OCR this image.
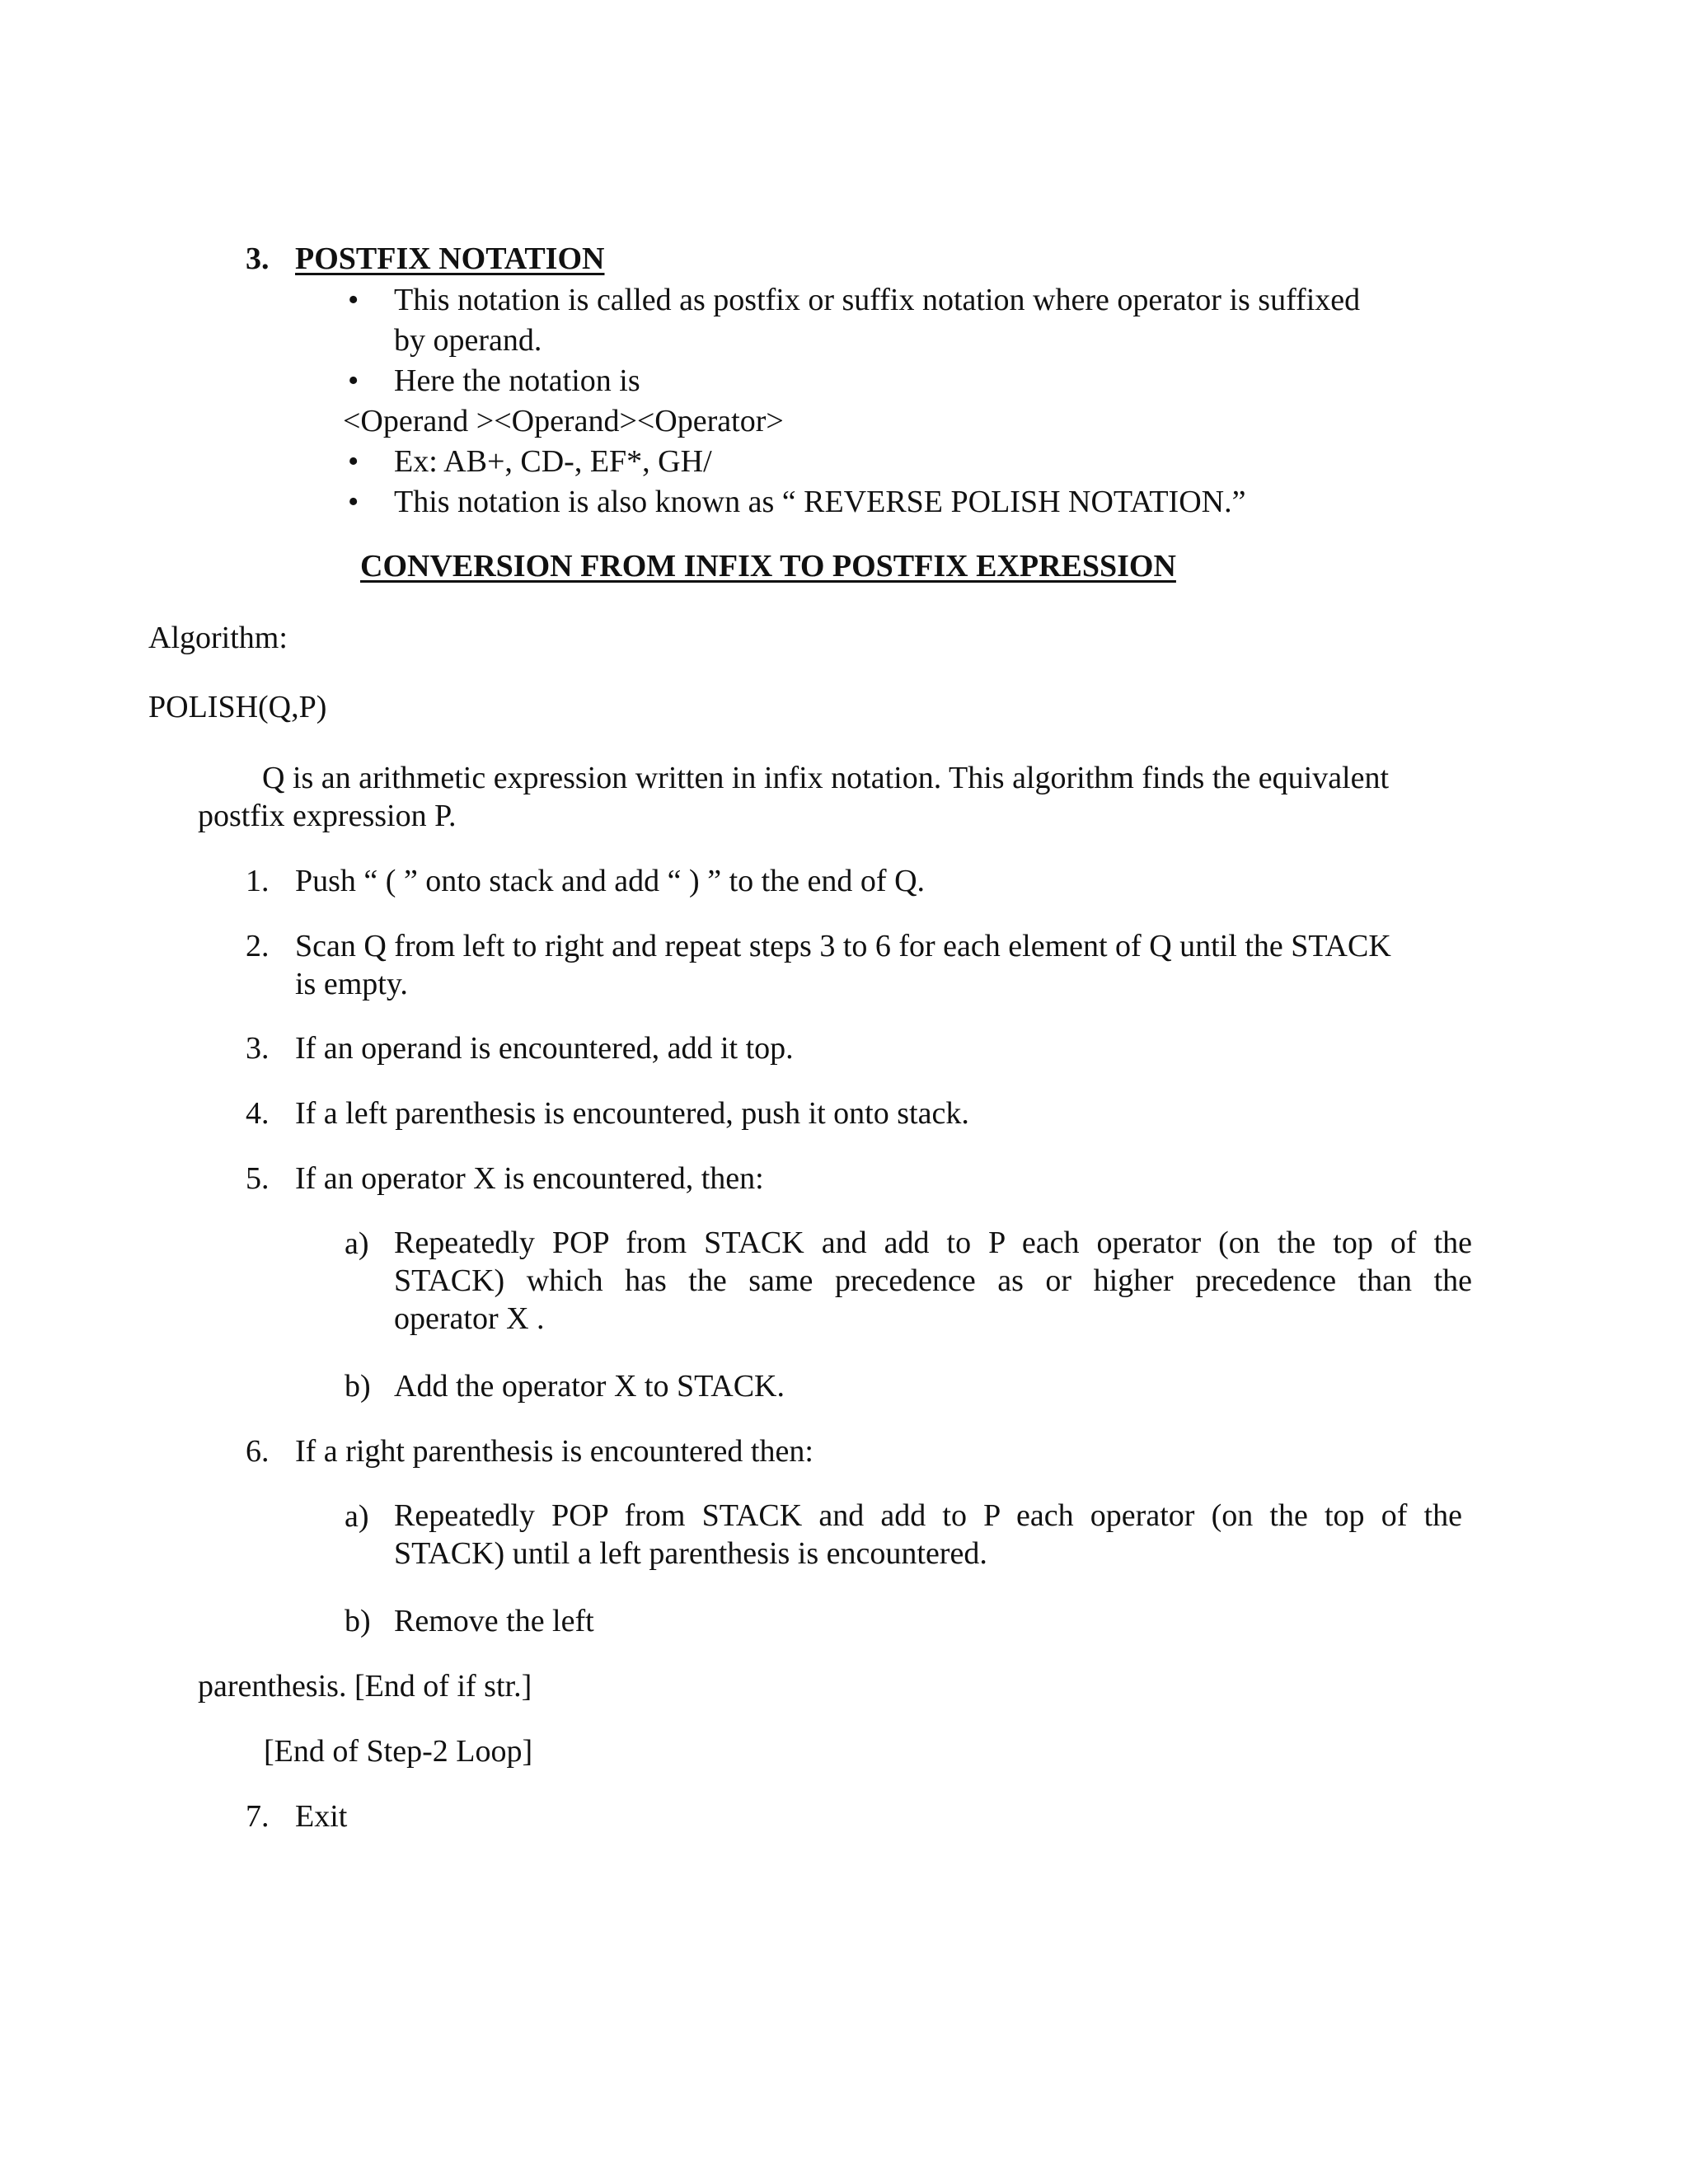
3. POSTFIX NOTATION
• This notation is called as postfix or suffix notation where operator is suffixed
by operand.
• Here the notation is
<Operand ><Operand><Operator>
• Ex: AB+, CD-, EF*, GH/
• This notation is also known as “ REVERSE POLISH NOTATION.”
CONVERSION FROM INFIX TO POSTFIX EXPRESSION
Algorithm:
POLISH(Q,P)
Q is an arithmetic expression written in infix notation. This algorithm finds the equivalent
postfix expression P.
1. Push “ ( ” onto stack and add “ ) ” to the end of Q.
2. Scan Q from left to right and repeat steps 3 to 6 for each element of Q until the STACK
is empty.
3. If an operand is encountered, add it top.
4. If a left parenthesis is encountered, push it onto stack.
5. If an operator X is encountered, then:
a) Repeatedly POP from STACK and add to P each operator (on the top of the
STACK) which has the same precedence as or higher precedence than the
operator X .
b) Add the operator X to STACK.
6. If a right parenthesis is encountered then:
a) Repeatedly POP from STACK and add to P each operator (on the top of the
STACK) until a left parenthesis is encountered.
b) Remove the left
parenthesis. [End of if str.]
[End of Step-2 Loop]
7. Exit
